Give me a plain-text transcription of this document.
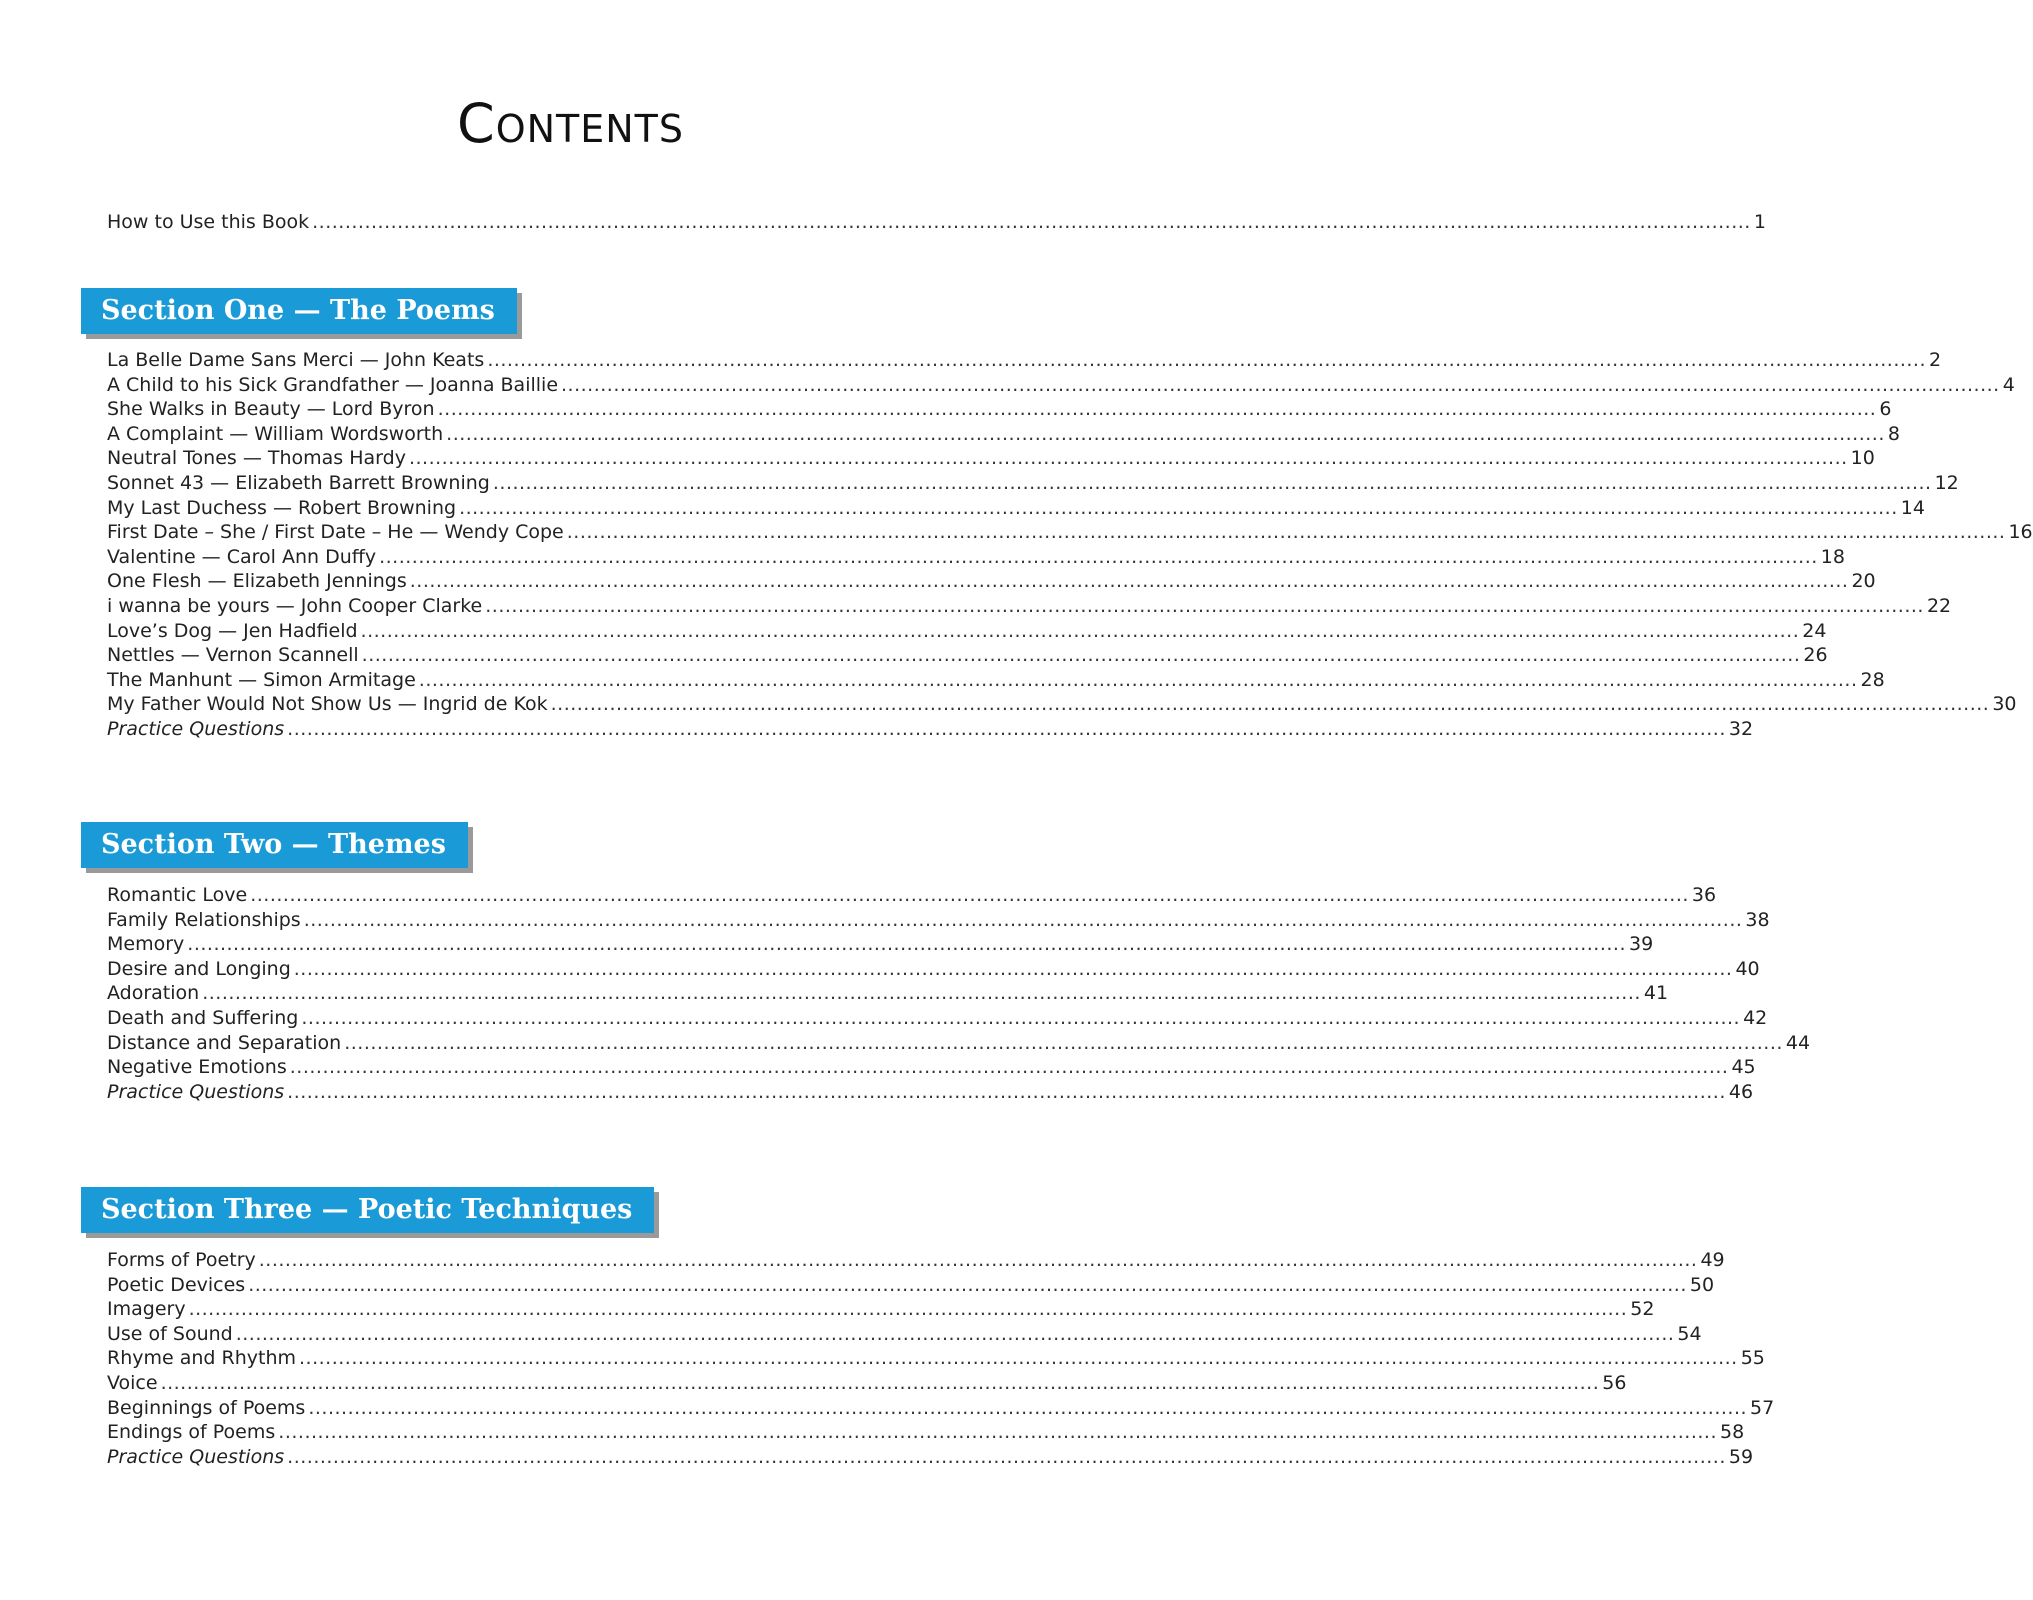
Contents
How to Use this Book ............................................................................................................................................................................................................................ 1
Section One — The Poems
La Belle Dame Sans Merci — John Keats ............................................................................................................................................................................................................................ 2
A Child to his Sick Grandfather — Joanna Baillie ............................................................................................................................................................................................................................ 4
She Walks in Beauty — Lord Byron ............................................................................................................................................................................................................................ 6
A Complaint — William Wordsworth ............................................................................................................................................................................................................................ 8
Neutral Tones — Thomas Hardy ............................................................................................................................................................................................................................ 10
Sonnet 43 — Elizabeth Barrett Browning ............................................................................................................................................................................................................................ 12
My Last Duchess — Robert Browning ............................................................................................................................................................................................................................ 14
First Date – She / First Date – He — Wendy Cope ............................................................................................................................................................................................................................ 16
Valentine — Carol Ann Duffy ............................................................................................................................................................................................................................ 18
One Flesh — Elizabeth Jennings ............................................................................................................................................................................................................................ 20
i wanna be yours — John Cooper Clarke ............................................................................................................................................................................................................................ 22
Love’s Dog — Jen Hadfield ............................................................................................................................................................................................................................ 24
Nettles — Vernon Scannell ............................................................................................................................................................................................................................ 26
The Manhunt — Simon Armitage ............................................................................................................................................................................................................................ 28
My Father Would Not Show Us — Ingrid de Kok ............................................................................................................................................................................................................................ 30
Practice Questions ............................................................................................................................................................................................................................ 32
Section Two — Themes
Romantic Love ............................................................................................................................................................................................................................ 36
Family Relationships ............................................................................................................................................................................................................................ 38
Memory ............................................................................................................................................................................................................................ 39
Desire and Longing ............................................................................................................................................................................................................................ 40
Adoration ............................................................................................................................................................................................................................ 41
Death and Suffering ............................................................................................................................................................................................................................ 42
Distance and Separation ............................................................................................................................................................................................................................ 44
Negative Emotions ............................................................................................................................................................................................................................ 45
Practice Questions ............................................................................................................................................................................................................................ 46
Section Three — Poetic Techniques
Forms of Poetry ............................................................................................................................................................................................................................ 49
Poetic Devices ............................................................................................................................................................................................................................ 50
Imagery ............................................................................................................................................................................................................................ 52
Use of Sound ............................................................................................................................................................................................................................ 54
Rhyme and Rhythm ............................................................................................................................................................................................................................ 55
Voice ............................................................................................................................................................................................................................ 56
Beginnings of Poems ............................................................................................................................................................................................................................ 57
Endings of Poems ............................................................................................................................................................................................................................ 58
Practice Questions ............................................................................................................................................................................................................................ 59
